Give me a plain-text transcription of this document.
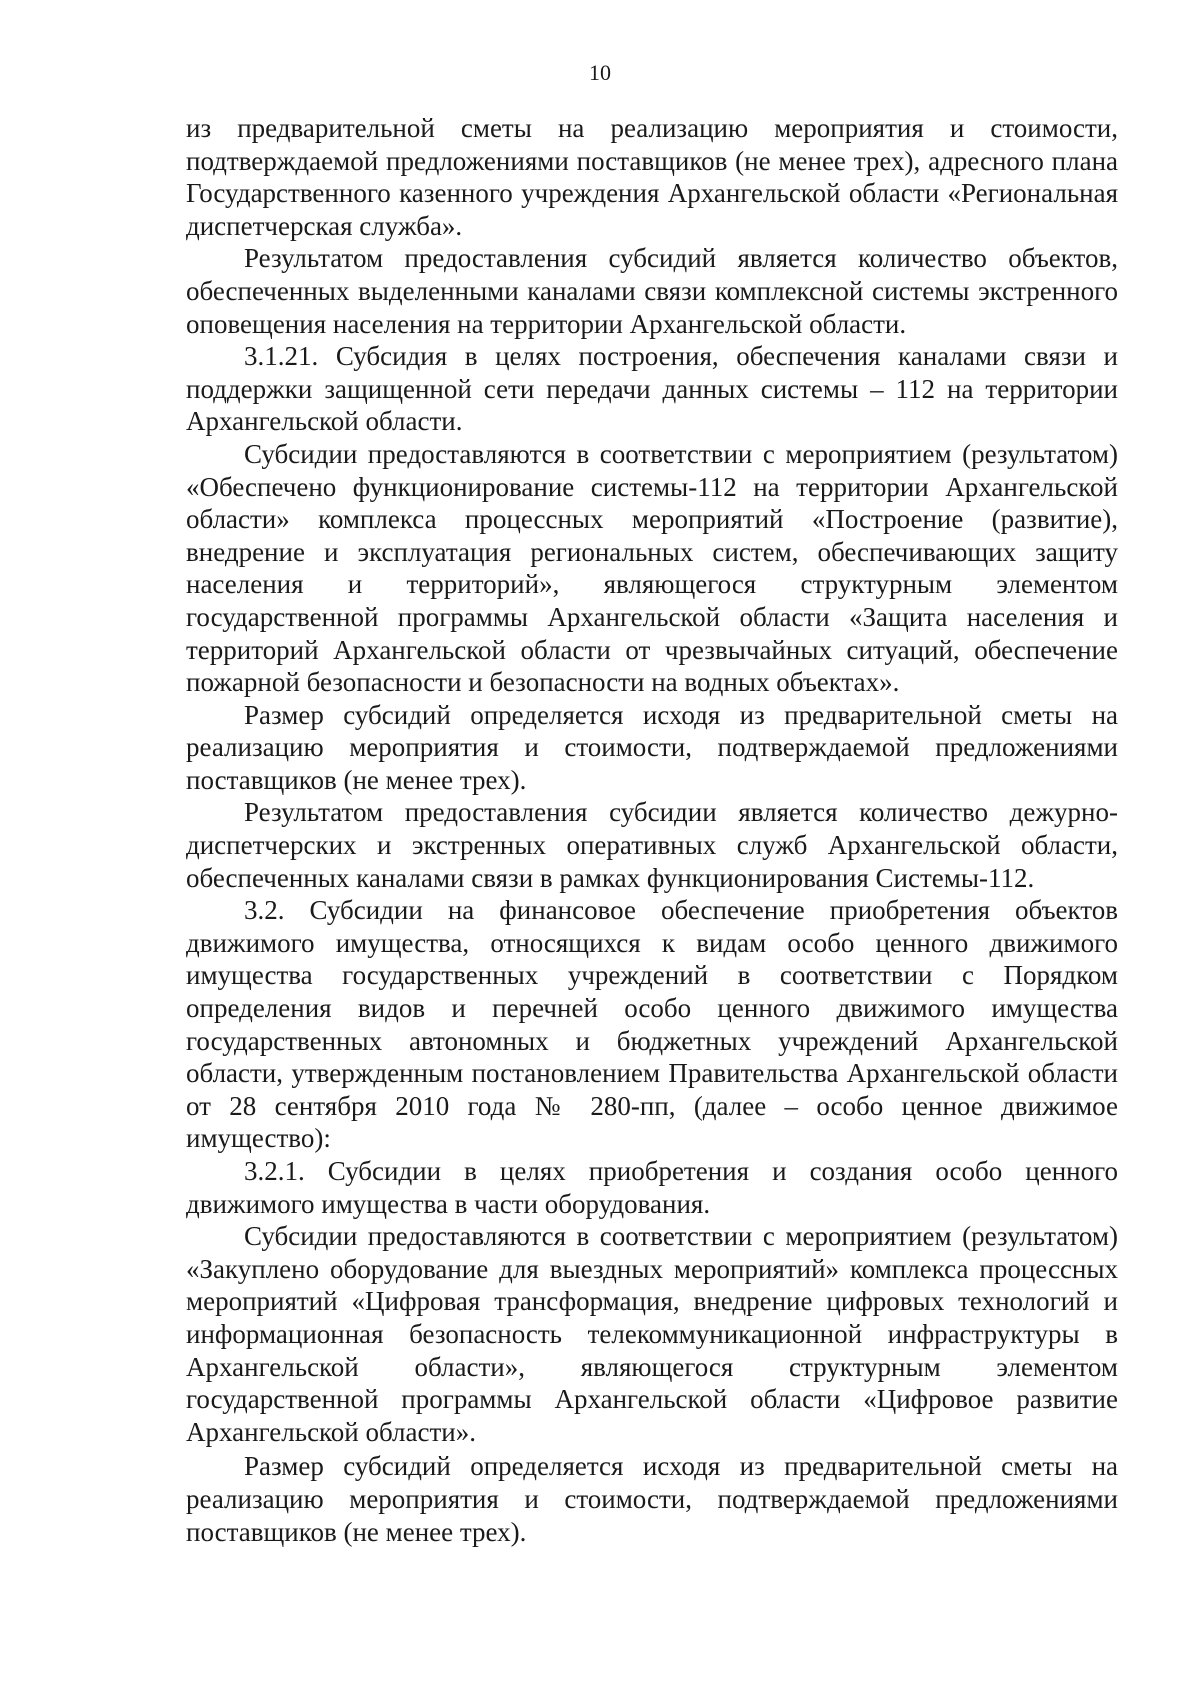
10

из предварительной сметы на реализацию мероприятия и стоимости, подтверждаемой предложениями поставщиков (не менее трех), адресного плана Государственного казенного учреждения Архангельской области «Региональная диспетчерская служба».

Результатом предоставления субсидий является количество объектов, обеспеченных выделенными каналами связи комплексной системы экстренного оповещения населения на территории Архангельской области.

3.1.21. Субсидия в целях построения, обеспечения каналами связи и поддержки защищенной сети передачи данных системы – 112 на территории Архангельской области.

Субсидии предоставляются в соответствии с мероприятием (результатом) «Обеспечено функционирование системы-112 на территории Архангельской области» комплекса процессных мероприятий «Построение (развитие), внедрение и эксплуатация региональных систем, обеспечивающих защиту населения и территорий», являющегося структурным элементом государственной программы Архангельской области «Защита населения и территорий Архангельской области от чрезвычайных ситуаций, обеспечение пожарной безопасности и безопасности на водных объектах».

Размер субсидий определяется исходя из предварительной сметы на реализацию мероприятия и стоимости, подтверждаемой предложениями поставщиков (не менее трех).

Результатом предоставления субсидии является количество дежурно-диспетчерских и экстренных оперативных служб Архангельской области, обеспеченных каналами связи в рамках функционирования Системы-112.

3.2. Субсидии на финансовое обеспечение приобретения объектов движимого имущества, относящихся к видам особо ценного движимого имущества государственных учреждений в соответствии с Порядком определения видов и перечней особо ценного движимого имущества государственных автономных и бюджетных учреждений Архангельской области, утвержденным постановлением Правительства Архангельской области от 28 сентября 2010 года № 280-пп, (далее – особо ценное движимое имущество):

3.2.1. Субсидии в целях приобретения и создания особо ценного движимого имущества в части оборудования.

Субсидии предоставляются в соответствии с мероприятием (результатом) «Закуплено оборудование для выездных мероприятий» комплекса процессных мероприятий «Цифровая трансформация, внедрение цифровых технологий и информационная безопасность телекоммуникационной инфраструктуры в Архангельской области», являющегося структурным элементом государственной программы Архангельской области «Цифровое развитие Архангельской области».

Размер субсидий определяется исходя из предварительной сметы на реализацию мероприятия и стоимости, подтверждаемой предложениями поставщиков (не менее трех).
